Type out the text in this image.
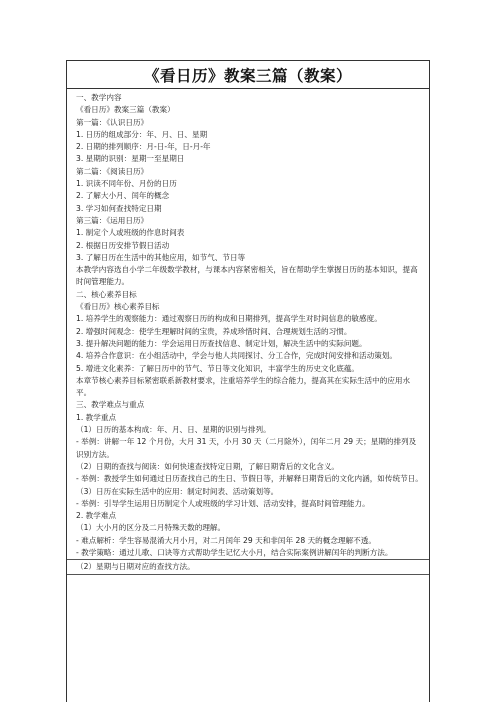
《看日历》教案三篇（教案）

一、教学内容

《看日历》教案三篇（教案）

第一篇：《认识日历》

1. 日历的组成部分：年、月、日、星期

2. 日期的排列顺序：月-日-年，日-月-年

3. 星期的识别：星期一至星期日

第二篇：《阅读日历》

1. 识读不同年份、月份的日历

2. 了解大小月、闰年的概念

3. 学习如何查找特定日期

第三篇：《运用日历》

1. 制定个人或班级的作息时间表

2. 根据日历安排节假日活动

3. 了解日历在生活中的其他应用，如节气、节日等

本教学内容选自小学二年级数学教材，与课本内容紧密相关，旨在帮助学生掌握日历的基本知识，提高时间管理能力。

二、核心素养目标

《看日历》核心素养目标

1. 培养学生的观察能力：通过观察日历的构成和日期排列，提高学生对时间信息的敏感度。

2. 增强时间观念：使学生理解时间的宝贵，养成珍惜时间、合理规划生活的习惯。

3. 提升解决问题的能力：学会运用日历查找信息、制定计划，解决生活中的实际问题。

4. 培养合作意识：在小组活动中，学会与他人共同探讨、分工合作，完成时间安排和活动策划。

5. 增进文化素养：了解日历中的节气、节日等文化知识，丰富学生的历史文化底蕴。

本章节核心素养目标紧密联系新教材要求，注重培养学生的综合能力，提高其在实际生活中的应用水平。

三、教学难点与重点

1. 教学重点

（1）日历的基本构成：年、月、日、星期的识别与排列。

- 举例：讲解一年 12 个月份，大月 31 天，小月 30 天（二月除外），闰年二月 29 天；星期的排列及识别方法。

（2）日期的查找与阅读：如何快速查找特定日期，了解日期背后的文化含义。

- 举例：教授学生如何通过日历查找自己的生日、节假日等，并解释日期背后的文化内涵，如传统节日。

（3）日历在实际生活中的应用：制定时间表、活动策划等。

- 举例：引导学生运用日历制定个人或班级的学习计划、活动安排，提高时间管理能力。

2. 教学难点

（1）大小月的区分及二月特殊天数的理解。

- 难点解析：学生容易混淆大月小月，对二月闰年 29 天和非闰年 28 天的概念理解不透。

- 教学策略：通过儿歌、口诀等方式帮助学生记忆大小月，结合实际案例讲解闰年的判断方法。

（2）星期与日期对应的查找方法。
